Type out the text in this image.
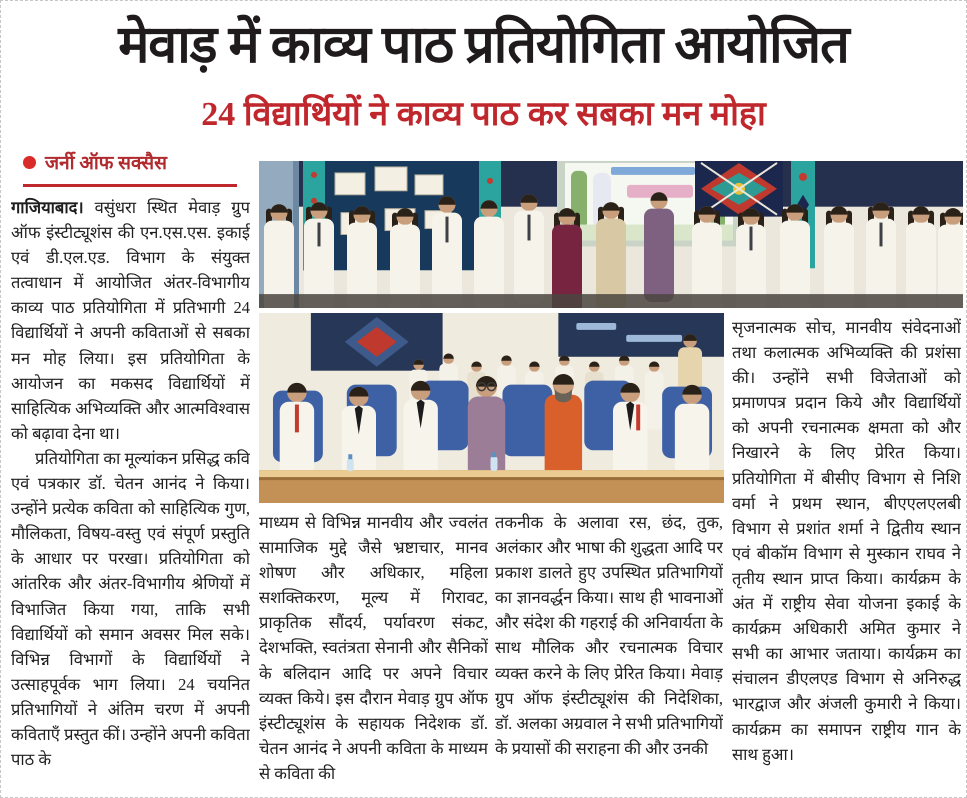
मेवाड़ में काव्य पाठ प्रतियोगिता आयोजित
24 विद्यार्थियों ने काव्य पाठ कर सबका मन मोहा
जर्नी ऑफ सक्सैस

गाजियाबाद। वसुंधरा स्थित मेवाड़ ग्रुप ऑफ इंस्टीट्यूशंस की एन.एस.एस. इकाई एवं डी.एल.एड. विभाग के संयुक्त तत्वाधान में आयोजित अंतर-विभागीय काव्य पाठ प्रतियोगिता में प्रतिभागी 24 विद्यार्थियों ने अपनी कविताओं से सबका मन मोह लिया। इस प्रतियोगिता के आयोजन का मकसद विद्यार्थियों में साहित्यिक अभिव्यक्ति और आत्मविश्वास को बढ़ावा देना था।

प्रतियोगिता का मूल्यांकन प्रसिद्ध कवि एवं पत्रकार डॉ. चेतन आनंद ने किया। उन्होंने प्रत्येक कविता को साहित्यिक गुण, मौलिकता, विषय-वस्तु एवं संपूर्ण प्रस्तुति के आधार पर परखा। प्रतियोगिता को आंतरिक और अंतर-विभागीय श्रेणियों में विभाजित किया गया, ताकि सभी विद्यार्थियों को समान अवसर मिल सके। विभिन्न विभागों के विद्यार्थियों ने उत्साहपूर्वक भाग लिया। 24 चयनित प्रतिभागियों ने अंतिम चरण में अपनी कविताएँ प्रस्तुत कीं। उन्होंने अपनी कविता पाठ के

माध्यम से विभिन्न मानवीय और ज्वलंत सामाजिक मुद्दे जैसे भ्रष्टाचार, मानव शोषण और अधिकार, महिला सशक्तिकरण, मूल्य में गिरावट, प्राकृतिक सौंदर्य, पर्यावरण संकट, देशभक्ति, स्वतंत्रता सेनानी और सैनिकों के बलिदान आदि पर अपने विचार व्यक्त किये। इस दौरान मेवाड़ ग्रुप ऑफ इंस्टीट्यूशंस के सहायक निदेशक डॉ. चेतन आनंद ने अपनी कविता के माध्यम से कविता की

तकनीक के अलावा रस, छंद, तुक, अलंकार और भाषा की शुद्धता आदि पर प्रकाश डालते हुए उपस्थित प्रतिभागियों का ज्ञानवर्द्धन किया। साथ ही भावनाओं और संदेश की गहराई की अनिवार्यता के साथ मौलिक और रचनात्मक विचार व्यक्त करने के लिए प्रेरित किया। मेवाड़ ग्रुप ऑफ इंस्टीट्यूशंस की निदेशिका, डॉ. अलका अग्रवाल ने सभी प्रतिभागियों के प्रयासों की सराहना की और उनकी

सृजनात्मक सोच, मानवीय संवेदनाओं तथा कलात्मक अभिव्यक्ति की प्रशंसा की। उन्होंने सभी विजेताओं को प्रमाणपत्र प्रदान किये और विद्यार्थियों को अपनी रचनात्मक क्षमता को और निखारने के लिए प्रेरित किया। प्रतियोगिता में बीसीए विभाग से निशि वर्मा ने प्रथम स्थान, बीएएलएलबी विभाग से प्रशांत शर्मा ने द्वितीय स्थान एवं बीकॉम विभाग से मुस्कान राघव ने तृतीय स्थान प्राप्त किया। कार्यक्रम के अंत में राष्ट्रीय सेवा योजना इकाई के कार्यक्रम अधिकारी अमित कुमार ने सभी का आभार जताया। कार्यक्रम का संचालन डीएलएड विभाग से अनिरुद्ध भारद्वाज और अंजली कुमारी ने किया। कार्यक्रम का समापन राष्ट्रीय गान के साथ हुआ।
